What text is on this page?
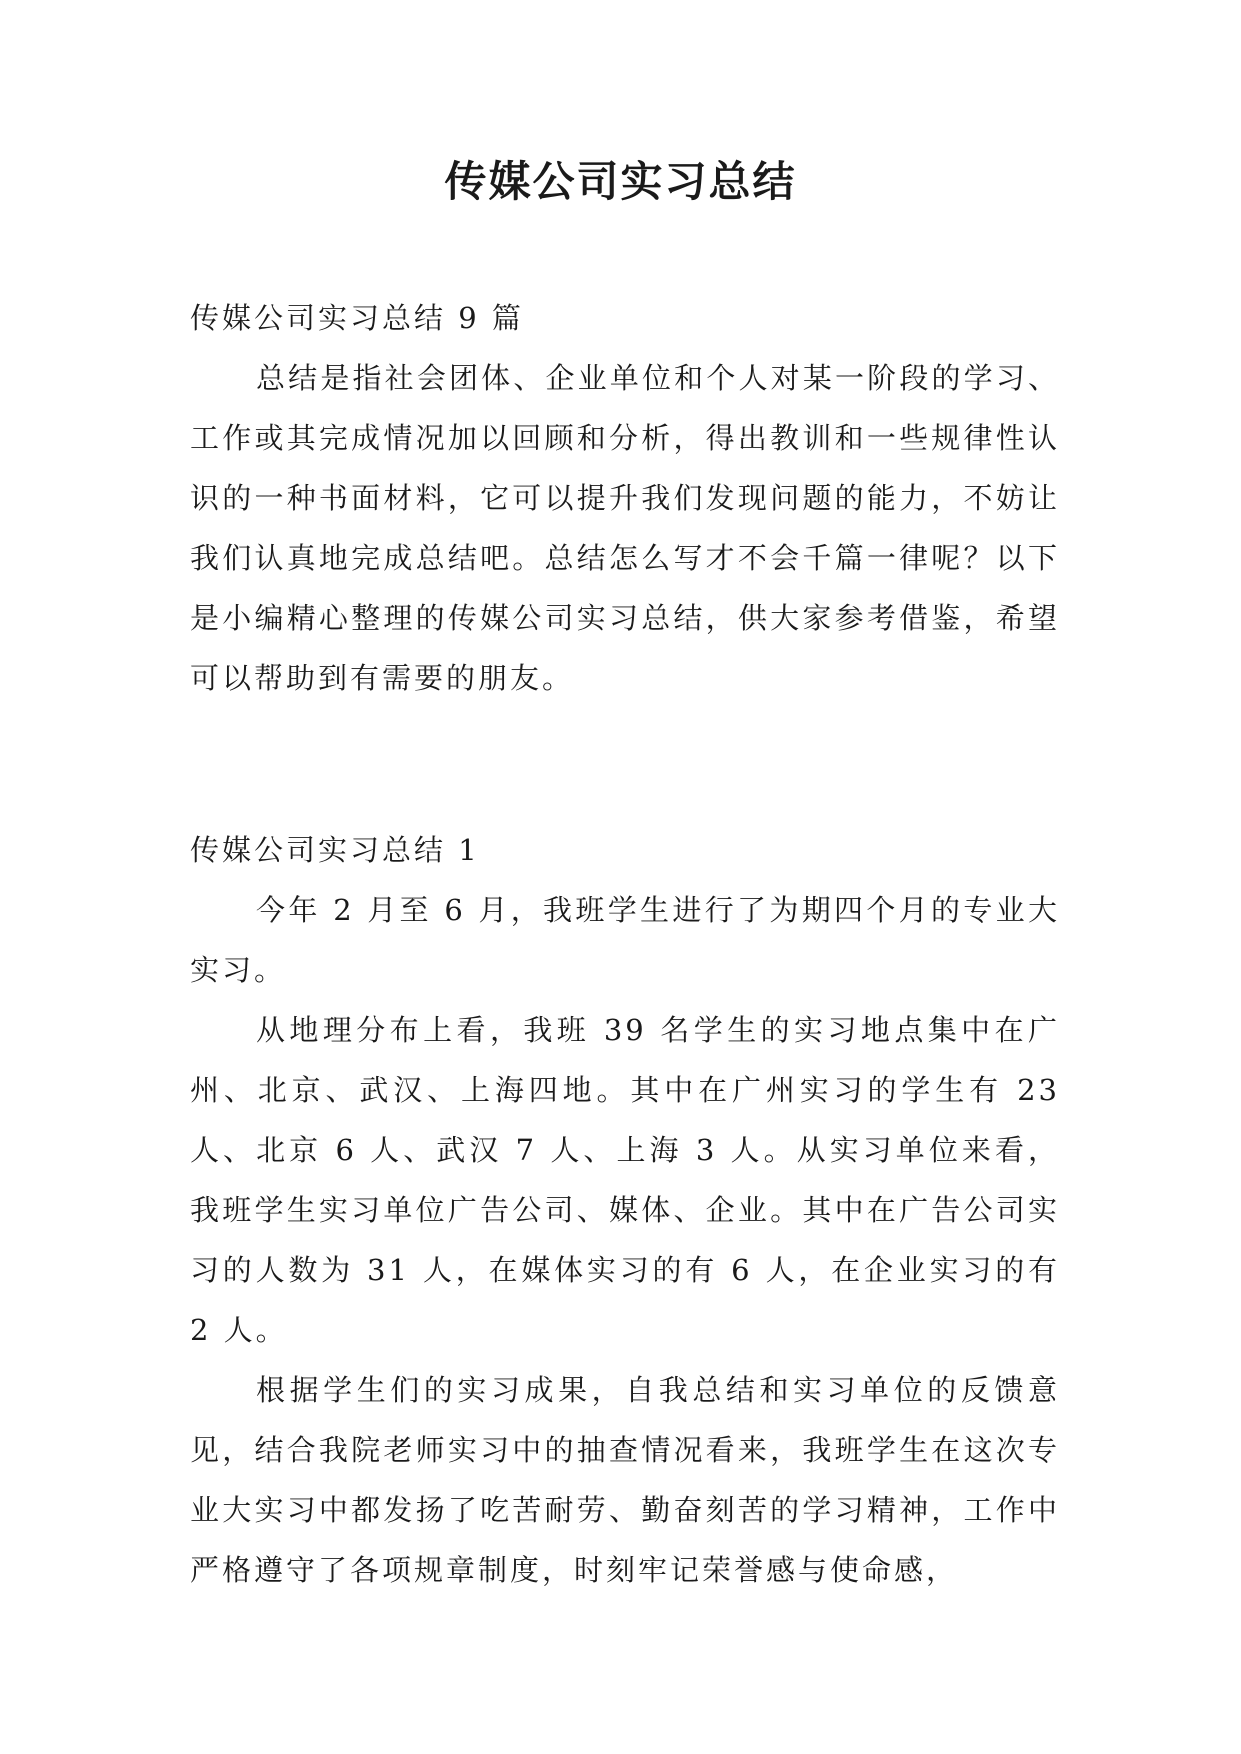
传媒公司实习总结

传媒公司实习总结 9 篇

总结是指社会团体、企业单位和个人对某一阶段的学习、工作或其完成情况加以回顾和分析，得出教训和一些规律性认识的一种书面材料，它可以提升我们发现问题的能力，不妨让我们认真地完成总结吧。总结怎么写才不会千篇一律呢？以下是小编精心整理的传媒公司实习总结，供大家参考借鉴，希望可以帮助到有需要的朋友。

传媒公司实习总结 1

今年 2 月至 6 月，我班学生进行了为期四个月的专业大实习。

从地理分布上看，我班 39 名学生的实习地点集中在广州、北京、武汉、上海四地。其中在广州实习的学生有 23 人、北京 6 人、武汉 7 人、上海 3 人。从实习单位来看，我班学生实习单位广告公司、媒体、企业。其中在广告公司实习的人数为 31 人，在媒体实习的有 6 人，在企业实习的有 2 人。

根据学生们的实习成果，自我总结和实习单位的反馈意见，结合我院老师实习中的抽查情况看来，我班学生在这次专业大实习中都发扬了吃苦耐劳、勤奋刻苦的学习精神，工作中严格遵守了各项规章制度，时刻牢记荣誉感与使命感，
